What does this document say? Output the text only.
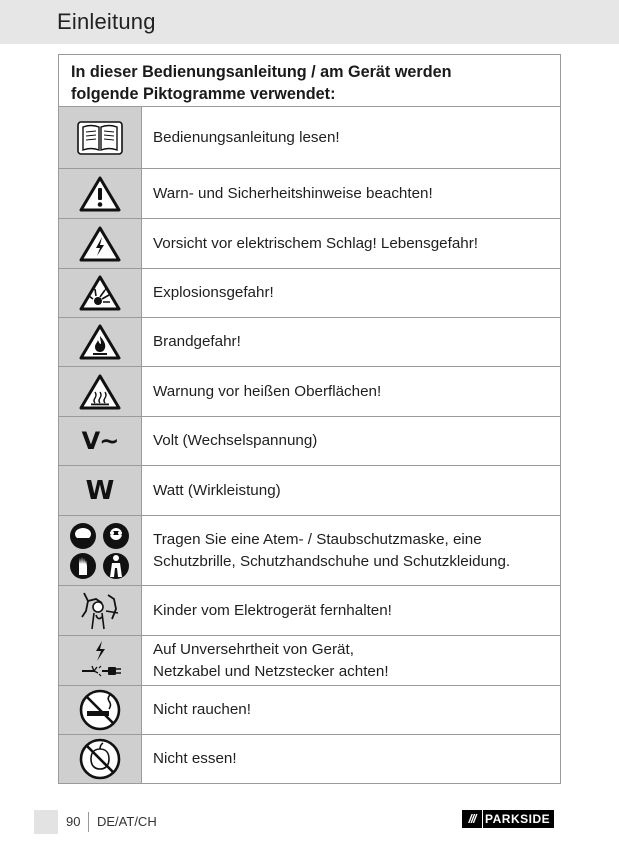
Einleitung
In dieser Bedienungsanleitung / am Gerät werden
folgende Piktogramme verwendet:
Bedienungsanleitung lesen!
Warn- und Sicherheitshinweise beachten!
Vorsicht vor elektrischem Schlag! Lebensgefahr!
Explosionsgefahr!
Brandgefahr!
Warnung vor heißen Oberflächen!
V~ Volt (Wechselspannung)
W	Watt (Wirkleistung)
Tragen Sie eine Atem- / Staubschutzmaske, eine
Schutzbrille, Schutzhandschuhe und Schutzkleidung.
Kinder vom Elektrogerät fernhalten!
Auf Unversehrtheit von Gerät,
Netzkabel und Netzstecker achten!
Nicht rauchen!
Nicht essen!
90 DE/AT/CH	/// PARKSIDE
